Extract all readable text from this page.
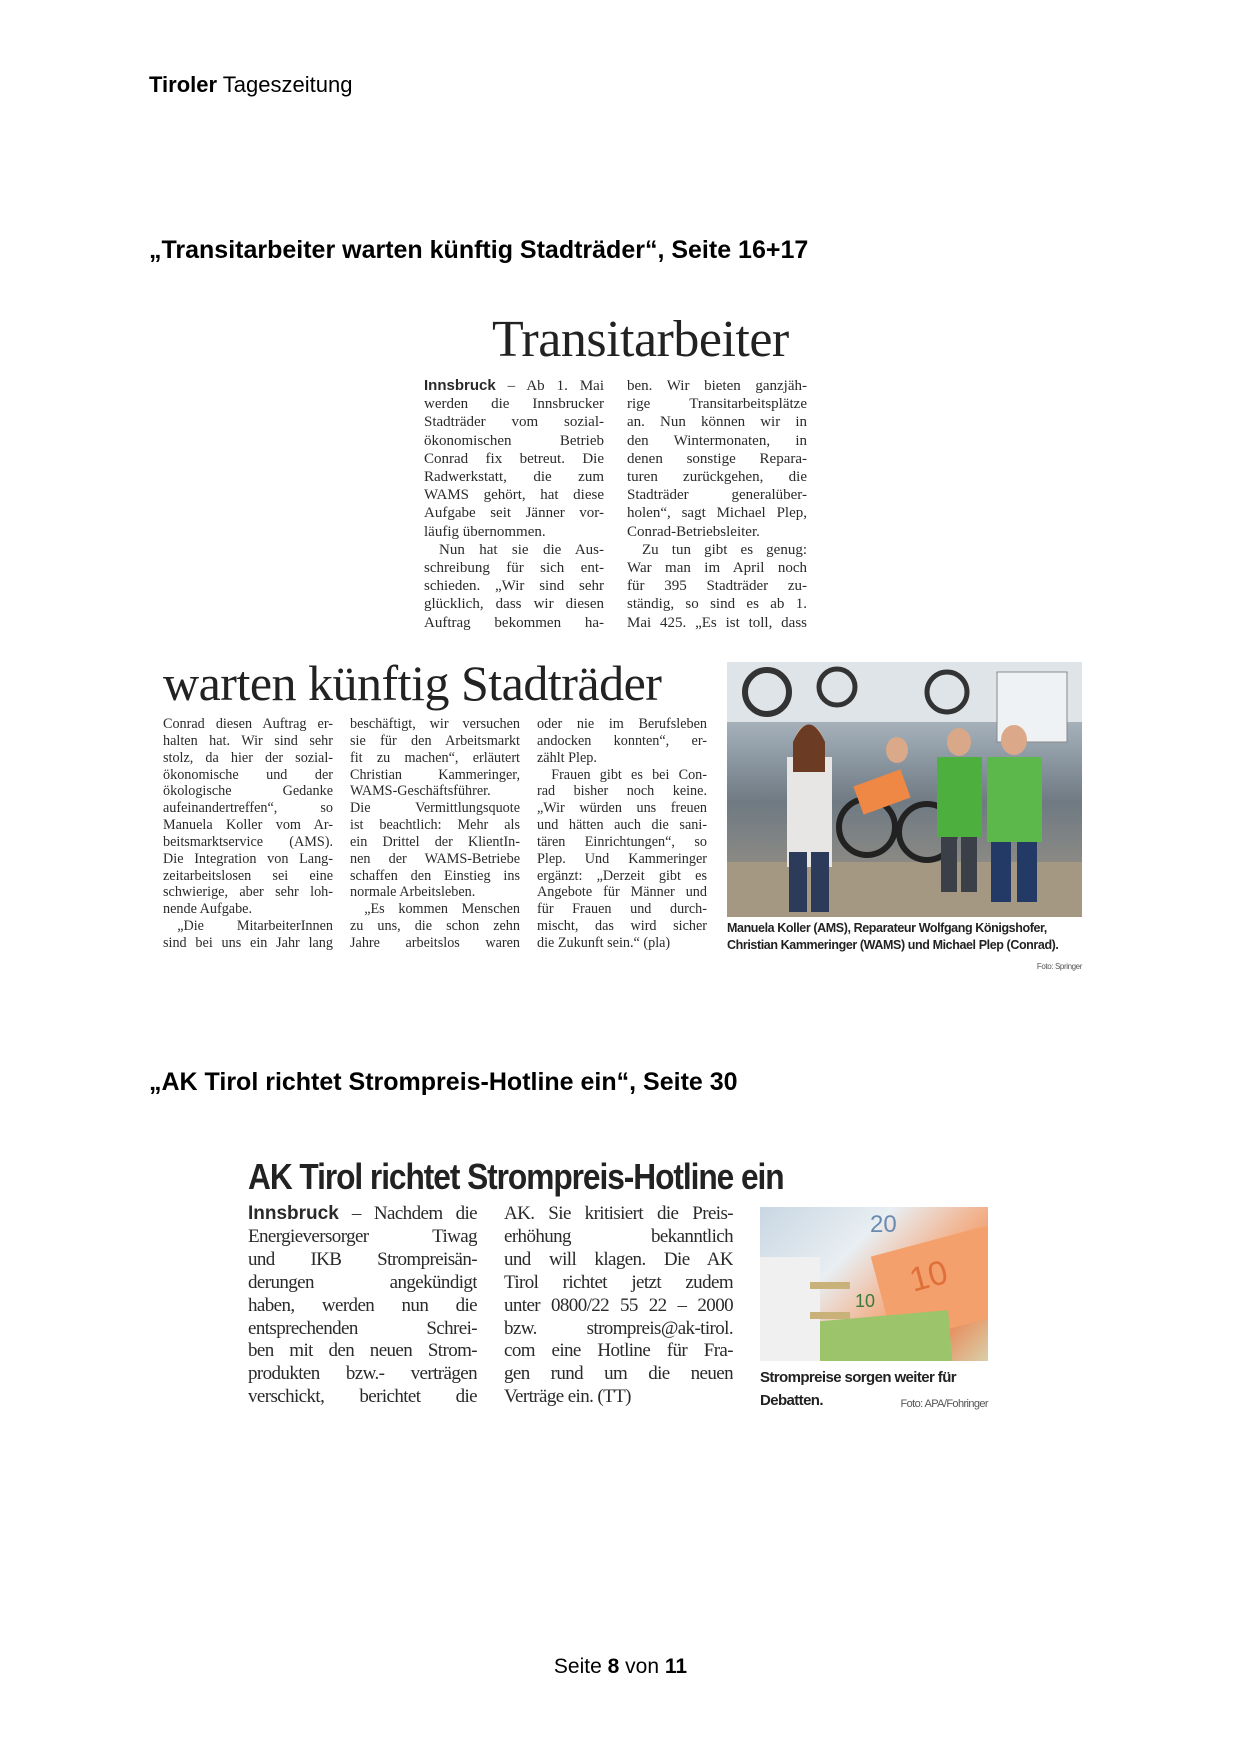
Tiroler Tageszeitung
„Transitarbeiter warten künftig Stadträder“, Seite 16+17
Transitarbeiter
Innsbruck – Ab 1. Mai
werden die Innsbrucker
Stadträder vom sozial-
ökonomischen Betrieb
Conrad fix betreut. Die
Radwerkstatt, die zum
WAMS gehört, hat diese
Aufgabe seit Jänner vor-
läufig übernommen.
Nun hat sie die Aus-
schreibung für sich ent-
schieden. „Wir sind sehr
glücklich, dass wir diesen
Auftrag bekommen ha-
ben. Wir bieten ganzjäh-
rige Transitarbeitsplätze
an. Nun können wir in
den Wintermonaten, in
denen sonstige Repara-
turen zurückgehen, die
Stadträder generalüber-
holen“, sagt Michael Plep,
Conrad-Betriebsleiter.
Zu tun gibt es genug:
War man im April noch
für 395 Stadträder zu-
ständig, so sind es ab 1.
Mai 425. „Es ist toll, dass
warten künftig Stadträder
Conrad diesen Auftrag er-
halten hat. Wir sind sehr
stolz, da hier der sozial-
ökonomische und der
ökologische Gedanke
aufeinandertreffen“, so
Manuela Koller vom Ar-
beitsmarktservice (AMS).
Die Integration von Lang-
zeitarbeitslosen sei eine
schwierige, aber sehr loh-
nende Aufgabe.
„Die MitarbeiterInnen
sind bei uns ein Jahr lang
beschäftigt, wir versuchen
sie für den Arbeitsmarkt
fit zu machen“, erläutert
Christian Kammeringer,
WAMS-Geschäftsführer.
Die Vermittlungsquote
ist beachtlich: Mehr als
ein Drittel der KlientIn-
nen der WAMS-Betriebe
schaffen den Einstieg ins
normale Arbeitsleben.
„Es kommen Menschen
zu uns, die schon zehn
Jahre arbeitslos waren
oder nie im Berufsleben
andocken konnten“, er-
zählt Plep.
Frauen gibt es bei Con-
rad bisher noch keine.
„Wir würden uns freuen
und hätten auch die sani-
tären Einrichtungen“, so
Plep. Und Kammeringer
ergänzt: „Derzeit gibt es
Angebote für Männer und
für Frauen und durch-
mischt, das wird sicher
die Zukunft sein.“ (pla)
Manuela Koller (AMS), Reparateur Wolfgang Königshofer, Christian Kammeringer (WAMS) und Michael Plep (Conrad).
Foto: Springer
„AK Tirol richtet Strompreis-Hotline ein“, Seite 30
AK Tirol richtet Strompreis-Hotline ein
Innsbruck – Nachdem die
Energieversorger Tiwag
und IKB Strompreisän-
derungen angekündigt
haben, werden nun die
entsprechenden Schrei-
ben mit den neuen Strom-
produkten bzw.- verträgen
verschickt, berichtet die
AK. Sie kritisiert die Preis-
erhöhung bekanntlich
und will klagen. Die AK
Tirol richtet jetzt zudem
unter 0800/22 55 22 – 2000
bzw. strompreis@ak-tirol.
com eine Hotline für Fra-
gen rund um die neuen
Verträge ein. (TT)
10
10
20
Strompreise sorgen weiter für Debatten.	Foto: APA/Fohringer
Seite 8 von 11
